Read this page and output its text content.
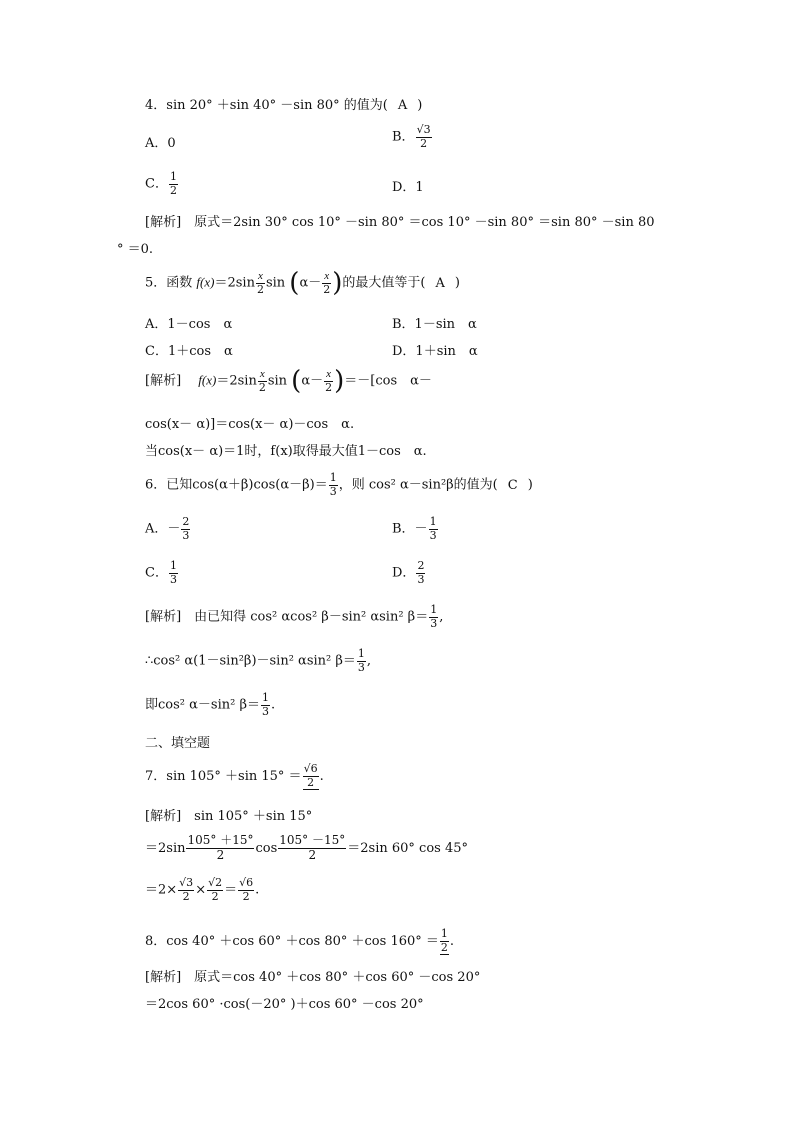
4．sin 20° ＋sin 40° －sin 80° 的值为( A )
A．0	B． $\frac{√3}{2}$
C． $\frac{1}{2}$	D．1
[解析]　原式＝2sin 30° cos 10° －sin 80° ＝cos 10° －sin 80° ＝sin 80° －sin 80
° ＝0.
5．函数 $f(x)=2\sin \frac{x}{2}$ $\sin (\alpha- \frac{x}{2}$ )的最大值等于( A )
A．1－cos　α	B．1－sin　α
C．1＋cos　α	D．1＋sin　α
[解析]　 $f(x)=2\sin \frac{x}{2}$ $\sin (\alpha- \frac{x}{2} )=-[\cos$　α－
cos(x－ α)]＝cos(x－ α)－cos　α.
当cos(x－ α)＝1时，f(x)取得最大值1－cos　α.
6．已知$\cos(\alpha+\beta)\cos(\alpha-\beta)= \frac{1}{3}$ ，则 cos² α－sin²β的值为( C )
A．－ $\frac{2}{3}$	B．－ $\frac{1}{3}$
C． $\frac{1}{3}$	D． $\frac{2}{3}$
[解析]　由已知得 cos² αcos² β－sin² αsin² $\beta= \frac{1}{3}$ ,
∴cos² α(1－sin²β)－sin² αsin² $\beta= \frac{1}{3}$ ,
即cos² α－sin² $\beta= \frac{1}{3}$ .
二、填空题
7．sin 105° ＋sin $15^\circ = \frac{√6}{2}$ .
[解析]　sin 105° ＋sin 15°
$=2\sin \frac{105^\circ +15^\circ}{2}$ $\cos \frac{105^\circ -15^\circ}{2} =2\sin$ 60° cos 45°
$=2\times \frac{√3}{2} \times \frac{√2}{2} = \frac{√6}{2}$ .
8．cos 40° ＋cos 60° ＋cos 80° ＋cos $160^\circ = \frac{1}{2}$ .
[解析]　原式＝cos 40° ＋cos 80° ＋cos 60° －cos 20°
＝2cos 60° ·cos(－20° )＋cos 60° －cos 20°
